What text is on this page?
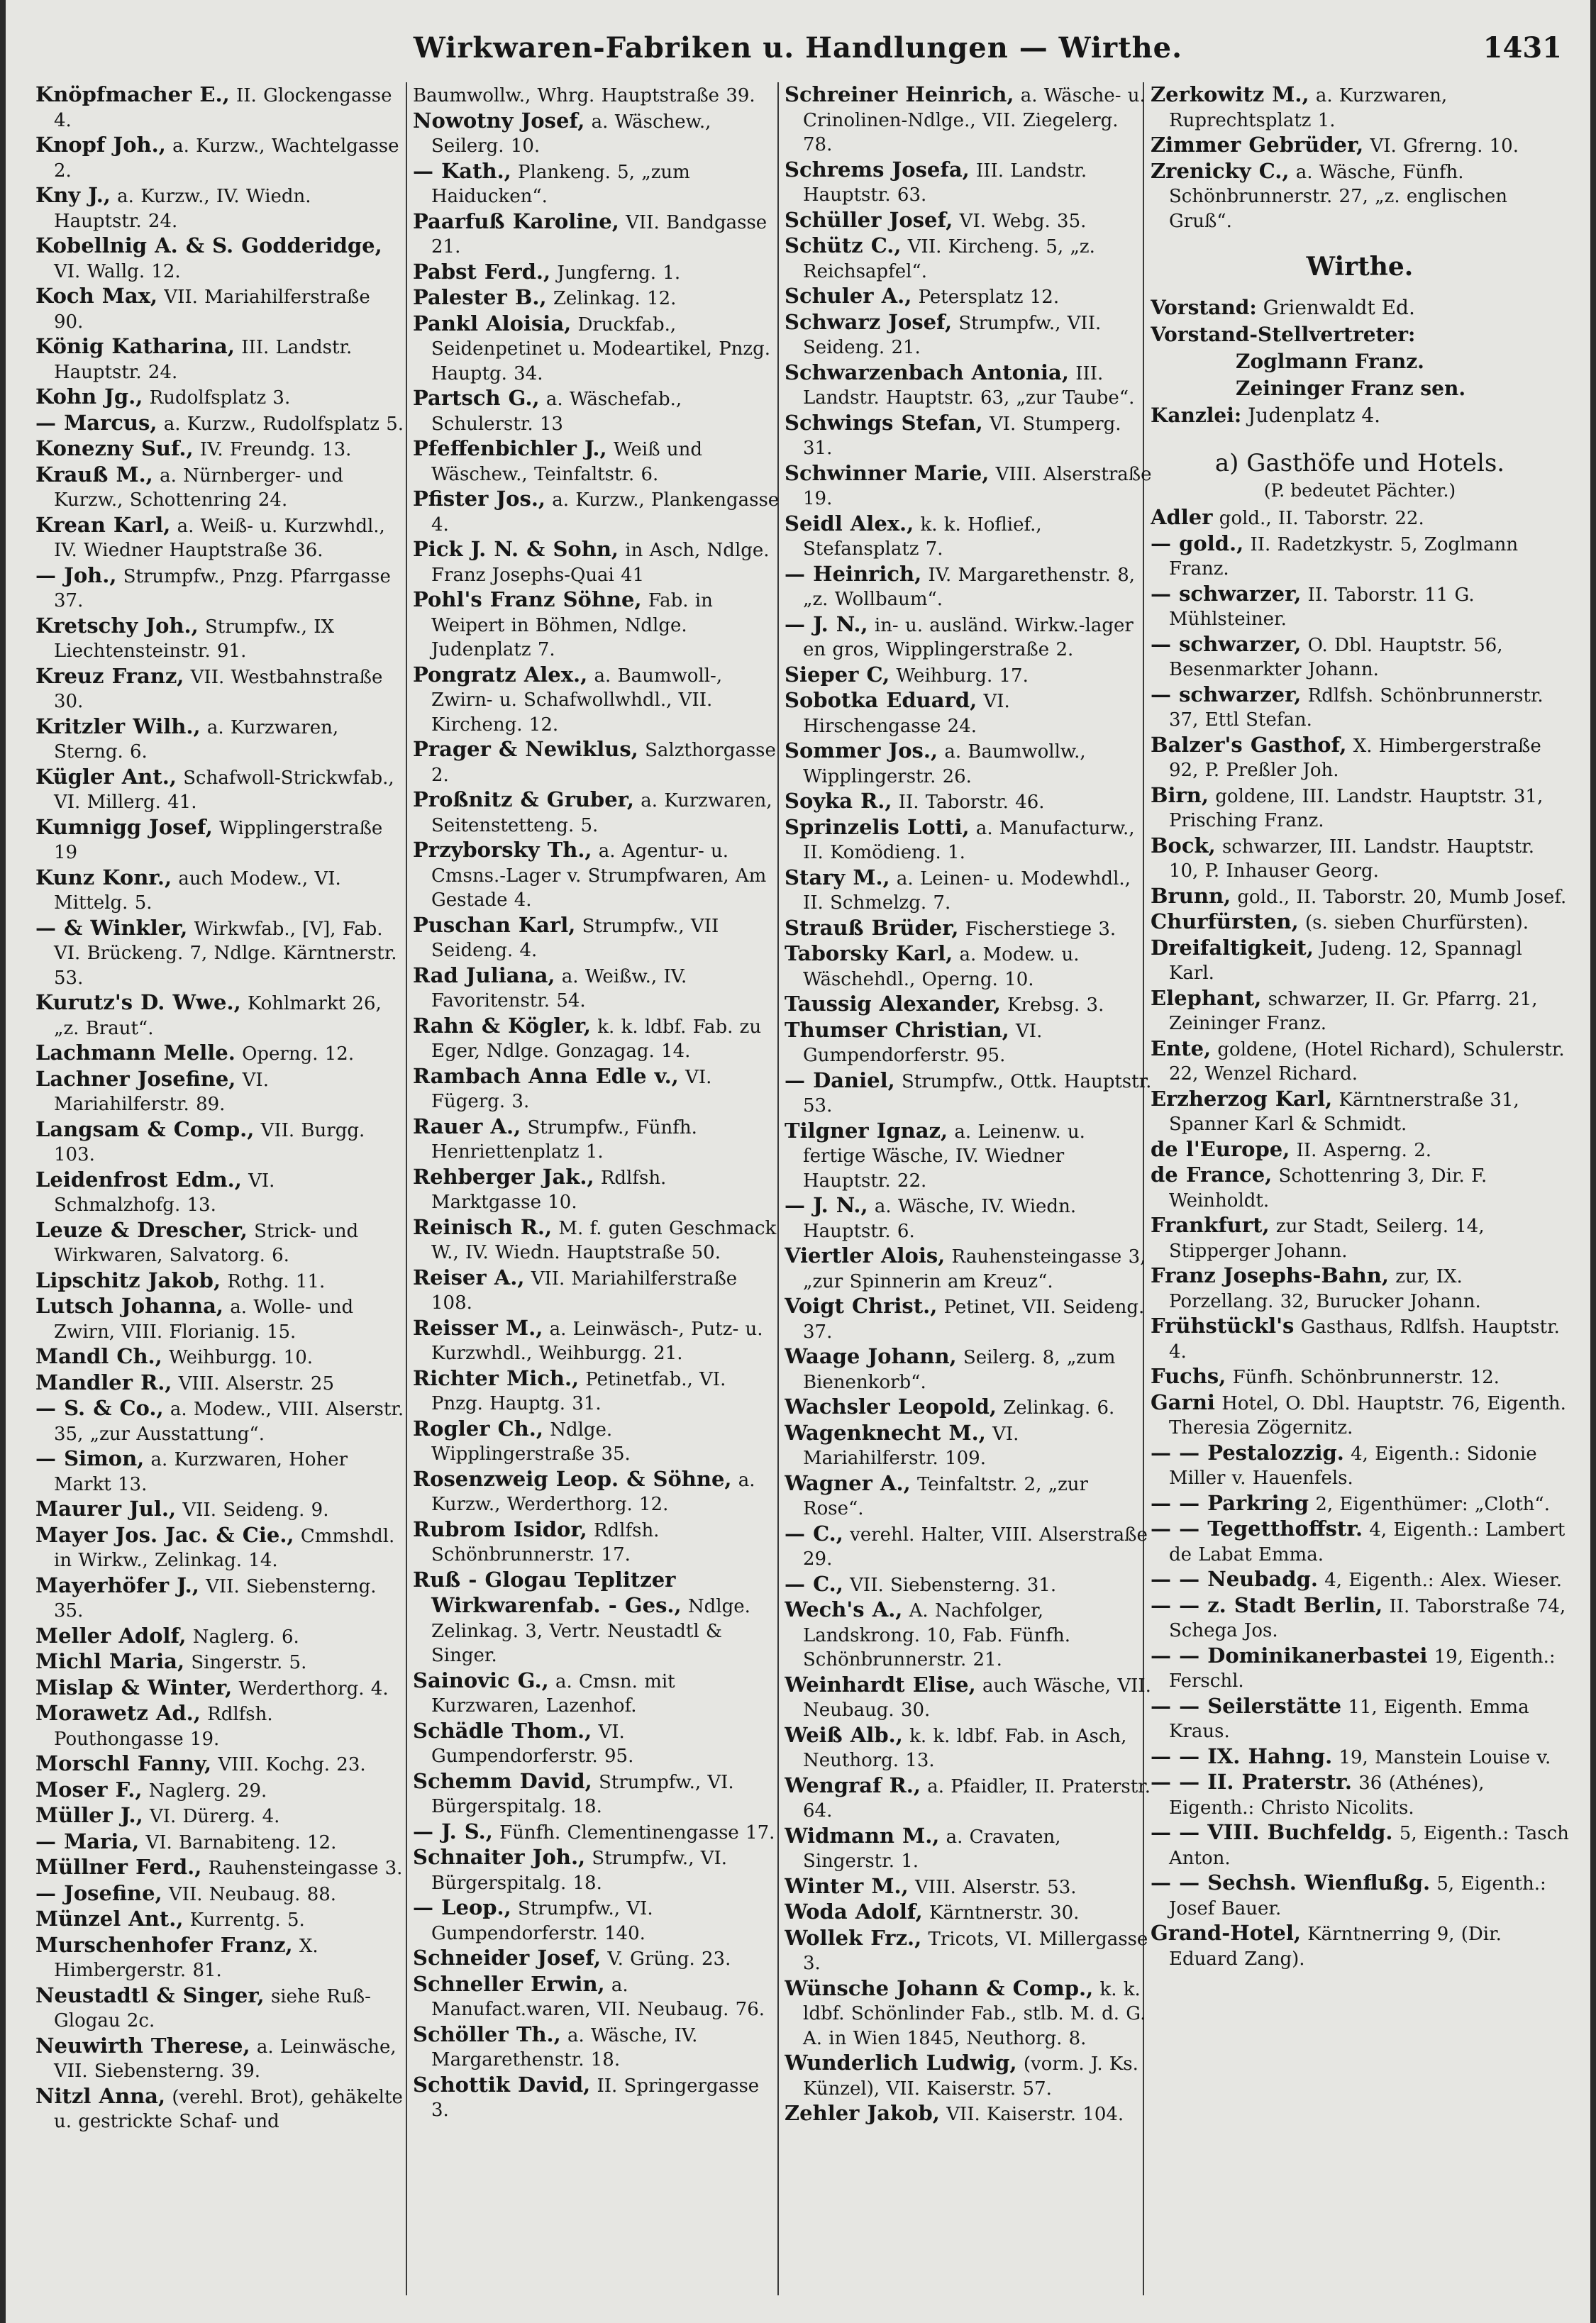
Wirkwaren-Fabriken u. Handlungen — Wirthe.	1431

Knöpfmacher E., II. Glockengasse 4.

Knopf Joh., a. Kurzw., Wachtelgasse 2.

Kny J., a. Kurzw., IV. Wiedn. Hauptstr. 24.

Kobellnig A. & S. Godderidge, VI. Wallg. 12.

Koch Max, VII. Mariahilferstraße 90.

König Katharina, III. Landstr. Hauptstr. 24.

Kohn Jg., Rudolfsplatz 3.

— Marcus, a. Kurzw., Rudolfsplatz 5.

Konezny Suf., IV. Freundg. 13.

Krauß M., a. Nürnberger- und Kurzw., Schottenring 24.

Krean Karl, a. Weiß- u. Kurzwhdl., IV. Wiedner Hauptstraße 36.

— Joh., Strumpfw., Pnzg. Pfarrgasse 37.

Kretschy Joh., Strumpfw., IX Liechtensteinstr. 91.

Kreuz Franz, VII. Westbahnstraße 30.

Kritzler Wilh., a. Kurzwaren, Sterng. 6.

Kügler Ant., Schafwoll-Strickwfab., VI. Millerg. 41.

Kumnigg Josef, Wipplingerstraße 19

Kunz Konr., auch Modew., VI. Mittelg. 5.

— & Winkler, Wirkwfab., [V], Fab. VI. Brückeng. 7, Ndlge. Kärntnerstr. 53.

Kurutz's D. Wwe., Kohlmarkt 26, „z. Braut“.

Lachmann Melle. Operng. 12.

Lachner Josefine, VI. Mariahilferstr. 89.

Langsam & Comp., VII. Burgg. 103.

Leidenfrost Edm., VI. Schmalzhofg. 13.

Leuze & Drescher, Strick- und Wirkwaren, Salvatorg. 6.

Lipschitz Jakob, Rothg. 11.

Lutsch Johanna, a. Wolle- und Zwirn, VIII. Florianig. 15.

Mandl Ch., Weihburgg. 10.

Mandler R., VIII. Alserstr. 25

— S. & Co., a. Modew., VIII. Alserstr. 35, „zur Ausstattung“.

— Simon, a. Kurzwaren, Hoher Markt 13.

Maurer Jul., VII. Seideng. 9.

Mayer Jos. Jac. & Cie., Cmmshdl. in Wirkw., Zelinkag. 14.

Mayerhöfer J., VII. Siebensterng. 35.

Meller Adolf, Naglerg. 6.

Michl Maria, Singerstr. 5.

Mislap & Winter, Werderthorg. 4.

Morawetz Ad., Rdlfsh. Pouthongasse 19.

Morschl Fanny, VIII. Kochg. 23.

Moser F., Naglerg. 29.

Müller J., VI. Dürerg. 4.

— Maria, VI. Barnabiteng. 12.

Müllner Ferd., Rauhensteingasse 3.

— Josefine, VII. Neubaug. 88.

Münzel Ant., Kurrentg. 5.

Murschenhofer Franz, X. Himbergerstr. 81.

Neustadtl & Singer, siehe Ruß-Glogau 2c.

Neuwirth Therese, a. Leinwäsche, VII. Siebensterng. 39.

Nitzl Anna, (verehl. Brot), gehäkelte u. gestrickte Schaf- und

Baumwollw., Whrg. Hauptstraße 39.

Nowotny Josef, a. Wäschew., Seilerg. 10.

— Kath., Plankeng. 5, „zum Haiducken“.

Paarfuß Karoline, VII. Bandgasse 21.

Pabst Ferd., Jungferng. 1.

Palester B., Zelinkag. 12.

Pankl Aloisia, Druckfab., Seidenpetinet u. Modeartikel, Pnzg. Hauptg. 34.

Partsch G., a. Wäschefab., Schulerstr. 13

Pfeffenbichler J., Weiß und Wäschew., Teinfaltstr. 6.

Pfister Jos., a. Kurzw., Plankengasse 4.

Pick J. N. & Sohn, in Asch, Ndlge. Franz Josephs-Quai 41

Pohl's Franz Söhne, Fab. in Weipert in Böhmen, Ndlge. Judenplatz 7.

Pongratz Alex., a. Baumwoll-, Zwirn- u. Schafwollwhdl., VII. Kircheng. 12.

Prager & Newiklus, Salzthorgasse 2.

Proßnitz & Gruber, a. Kurzwaren, Seitenstetteng. 5.

Przyborsky Th., a. Agentur- u. Cmsns.-Lager v. Strumpfwaren, Am Gestade 4.

Puschan Karl, Strumpfw., VII Seideng. 4.

Rad Juliana, a. Weißw., IV. Favoritenstr. 54.

Rahn & Kögler, k. k. ldbf. Fab. zu Eger, Ndlge. Gonzagag. 14.

Rambach Anna Edle v., VI. Fügerg. 3.

Rauer A., Strumpfw., Fünfh. Henriettenplatz 1.

Rehberger Jak., Rdlfsh. Marktgasse 10.

Reinisch R., M. f. guten Geschmack W., IV. Wiedn. Hauptstraße 50.

Reiser A., VII. Mariahilferstraße 108.

Reisser M., a. Leinwäsch-, Putz- u. Kurzwhdl., Weihburgg. 21.

Richter Mich., Petinetfab., VI. Pnzg. Hauptg. 31.

Rogler Ch., Ndlge. Wipplingerstraße 35.

Rosenzweig Leop. & Söhne, a. Kurzw., Werderthorg. 12.

Rubrom Isidor, Rdlfsh. Schönbrunnerstr. 17.

Ruß - Glogau Teplitzer Wirkwarenfab. - Ges., Ndlge. Zelinkag. 3, Vertr. Neustadtl & Singer.

Sainovic G., a. Cmsn. mit Kurzwaren, Lazenhof.

Schädle Thom., VI. Gumpendorferstr. 95.

Schemm David, Strumpfw., VI. Bürgerspitalg. 18.

— J. S., Fünfh. Clementinengasse 17.

Schnaiter Joh., Strumpfw., VI. Bürgerspitalg. 18.

— Leop., Strumpfw., VI. Gumpendorferstr. 140.

Schneider Josef, V. Grüng. 23.

Schneller Erwin, a. Manufact.waren, VII. Neubaug. 76.

Schöller Th., a. Wäsche, IV. Margarethenstr. 18.

Schottik David, II. Springergasse 3.

Schreiner Heinrich, a. Wäsche- u. Crinolinen-Ndlge., VII. Ziegelerg. 78.

Schrems Josefa, III. Landstr. Hauptstr. 63.

Schüller Josef, VI. Webg. 35.

Schütz C., VII. Kircheng. 5, „z. Reichsapfel“.

Schuler A., Petersplatz 12.

Schwarz Josef, Strumpfw., VII. Seideng. 21.

Schwarzenbach Antonia, III. Landstr. Hauptstr. 63, „zur Taube“.

Schwings Stefan, VI. Stumperg. 31.

Schwinner Marie, VIII. Alserstraße 19.

Seidl Alex., k. k. Hoflief., Stefansplatz 7.

— Heinrich, IV. Margarethenstr. 8, „z. Wollbaum“.

— J. N., in- u. ausländ. Wirkw.-lager en gros, Wipplingerstraße 2.

Sieper C, Weihburg. 17.

Sobotka Eduard, VI. Hirschengasse 24.

Sommer Jos., a. Baumwollw., Wipplingerstr. 26.

Soyka R., II. Taborstr. 46.

Sprinzelis Lotti, a. Manufacturw., II. Komödieng. 1.

Stary M., a. Leinen- u. Modewhdl., II. Schmelzg. 7.

Strauß Brüder, Fischerstiege 3.

Taborsky Karl, a. Modew. u. Wäschehdl., Operng. 10.

Taussig Alexander, Krebsg. 3.

Thumser Christian, VI. Gumpendorferstr. 95.

— Daniel, Strumpfw., Ottk. Hauptstr. 53.

Tilgner Ignaz, a. Leinenw. u. fertige Wäsche, IV. Wiedner Hauptstr. 22.

— J. N., a. Wäsche, IV. Wiedn. Hauptstr. 6.

Viertler Alois, Rauhensteingasse 3, „zur Spinnerin am Kreuz“.

Voigt Christ., Petinet, VII. Seideng. 37.

Waage Johann, Seilerg. 8, „zum Bienenkorb“.

Wachsler Leopold, Zelinkag. 6.

Wagenknecht M., VI. Mariahilferstr. 109.

Wagner A., Teinfaltstr. 2, „zur Rose“.

— C., verehl. Halter, VIII. Alserstraße 29.

— C., VII. Siebensterng. 31.

Wech's A., A. Nachfolger, Landskrong. 10, Fab. Fünfh. Schönbrunnerstr. 21.

Weinhardt Elise, auch Wäsche, VII. Neubaug. 30.

Weiß Alb., k. k. ldbf. Fab. in Asch, Neuthorg. 13.

Wengraf R., a. Pfaidler, II. Praterstr. 64.

Widmann M., a. Cravaten, Singerstr. 1.

Winter M., VIII. Alserstr. 53.

Woda Adolf, Kärntnerstr. 30.

Wollek Frz., Tricots, VI. Millergasse 3.

Wünsche Johann & Comp., k. k. ldbf. Schönlinder Fab., stlb. M. d. G. A. in Wien 1845, Neuthorg. 8.

Wunderlich Ludwig, (vorm. J. Ks. Künzel), VII. Kaiserstr. 57.

Zehler Jakob, VII. Kaiserstr. 104.

Zerkowitz M., a. Kurzwaren, Ruprechtsplatz 1.

Zimmer Gebrüder, VI. Gfrerng. 10.

Zrenicky C., a. Wäsche, Fünfh. Schönbrunnerstr. 27, „z. englischen Gruß“.

Wirthe.

Vorstand: Grienwaldt Ed.

Vorstand-Stellvertreter:

Zoglmann Franz.

Zeininger Franz sen.

Kanzlei: Judenplatz 4.

a) Gasthöfe und Hotels.
(P. bedeutet Pächter.)

Adler gold., II. Taborstr. 22.

— gold., II. Radetzkystr. 5, Zoglmann Franz.

— schwarzer, II. Taborstr. 11 G. Mühlsteiner.

— schwarzer, O. Dbl. Hauptstr. 56, Besenmarkter Johann.

— schwarzer, Rdlfsh. Schönbrunnerstr. 37, Ettl Stefan.

Balzer's Gasthof, X. Himbergerstraße 92, P. Preßler Joh.

Birn, goldene, III. Landstr. Hauptstr. 31, Prisching Franz.

Bock, schwarzer, III. Landstr. Hauptstr. 10, P. Inhauser Georg.

Brunn, gold., II. Taborstr. 20, Mumb Josef.

Churfürsten, (s. sieben Churfürsten).

Dreifaltigkeit, Judeng. 12, Spannagl Karl.

Elephant, schwarzer, II. Gr. Pfarrg. 21, Zeininger Franz.

Ente, goldene, (Hotel Richard), Schulerstr. 22, Wenzel Richard.

Erzherzog Karl, Kärntnerstraße 31, Spanner Karl & Schmidt.

de l'Europe, II. Asperng. 2.

de France, Schottenring 3, Dir. F. Weinholdt.

Frankfurt, zur Stadt, Seilerg. 14, Stipperger Johann.

Franz Josephs-Bahn, zur, IX. Porzellang. 32, Burucker Johann.

Frühstückl's Gasthaus, Rdlfsh. Hauptstr. 4.

Fuchs, Fünfh. Schönbrunnerstr. 12.

Garni Hotel, O. Dbl. Hauptstr. 76, Eigenth. Theresia Zögernitz.

— — Pestalozzig. 4, Eigenth.: Sidonie Miller v. Hauenfels.

— — Parkring 2, Eigenthümer: „Cloth“.

— — Tegetthoffstr. 4, Eigenth.: Lambert de Labat Emma.

— — Neubadg. 4, Eigenth.: Alex. Wieser.

— — z. Stadt Berlin, II. Taborstraße 74, Schega Jos.

— — Dominikanerbastei 19, Eigenth.: Ferschl.

— — Seilerstätte 11, Eigenth. Emma Kraus.

— — IX. Hahng. 19, Manstein Louise v.

— — II. Praterstr. 36 (Athénes), Eigenth.: Christo Nicolits.

— — VIII. Buchfeldg. 5, Eigenth.: Tasch Anton.

— — Sechsh. Wienflußg. 5, Eigenth.: Josef Bauer.

Grand-Hotel, Kärntnerring 9, (Dir. Eduard Zang).
